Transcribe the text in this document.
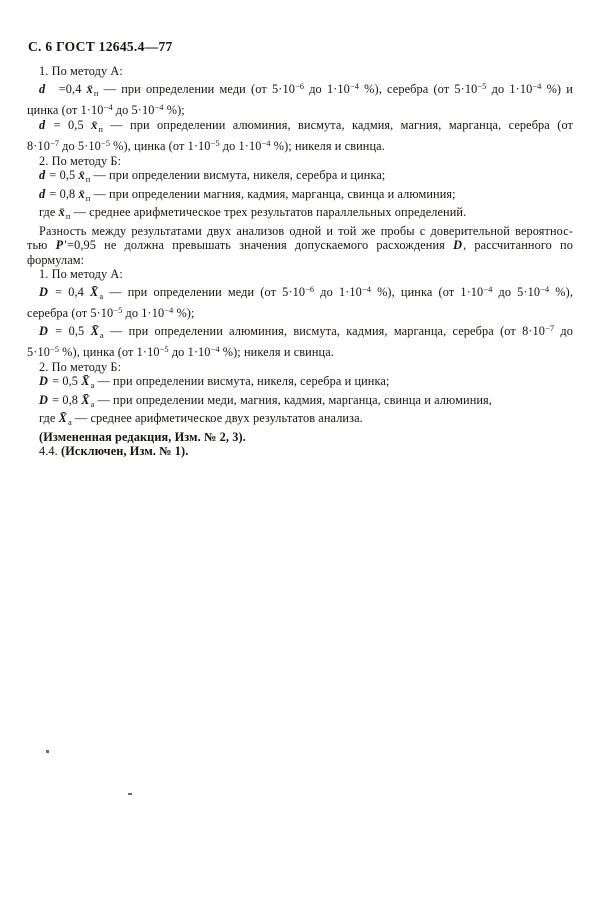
С. 6 ГОСТ 12645.4—77
1. По методу А:
d  =0,4 $x̄_п$ — при определении меди (от $5\cdot 10^{-6}$ до $1\cdot 10^{-4}$ %), серебра (от $5\cdot 10^{-5}$ до $1\cdot 10^{-4}$ %) и
цинка (от $1\cdot 10^{-4}$ до $5\cdot 10^{-4}$ %);
d = 0,5 $x̄_п$ — при определении алюминия, висмута, кадмия, магния, марганца, серебра (от
$8\cdot 10^{-7}$ до $5\cdot 10^{-5}$ %), цинка (от $1\cdot 10^{-5}$ до $1\cdot 10^{-4}$ %); никеля и свинца.
2. По методу Б:
d = 0,5 $x̄_п$ — при определении висмута, никеля, серебра и цинка;
d = 0,8 $x̄_п$ — при определении магния, кадмия, марганца, свинца и алюминия;
где $x̄_п$ — среднее арифметическое трех результатов параллельных определений.
Разность между результатами двух анализов одной и той же пробы с доверительной вероятнос-
тью P′=0,95 не должна превышать значения допускаемого расхождения D, рассчитанного по
формулам:
1. По методу А:
D = 0,4 $X̄_а$ — при определении меди (от $5\cdot 10^{-6}$ до $1\cdot 10^{-4}$ %), цинка (от $1\cdot 10^{-4}$ до $5\cdot 10^{-4}$ %),
серебра (от $5\cdot 10^{-5}$ до $1\cdot 10^{-4}$ %);
D = 0,5 $X̄_а$ — при определении алюминия, висмута, кадмия, марганца, серебра (от $8\cdot 10^{-7}$ до
$5\cdot 10^{-5}$ %), цинка (от $1\cdot 10^{-5}$ до $1\cdot 10^{-4}$ %); никеля и свинца.
2. По методу Б:
D = 0,5 $X̄_а$ — при определении висмута, никеля, серебра и цинка;
D = 0,8 $X̄_а$ — при определении меди, магния, кадмия, марганца, свинца и алюминия,
где $X̄_а$ — среднее арифметическое двух результатов анализа.
(Измененная редакция, Изм. № 2, 3).
4.4. (Исключен, Изм. № 1).
